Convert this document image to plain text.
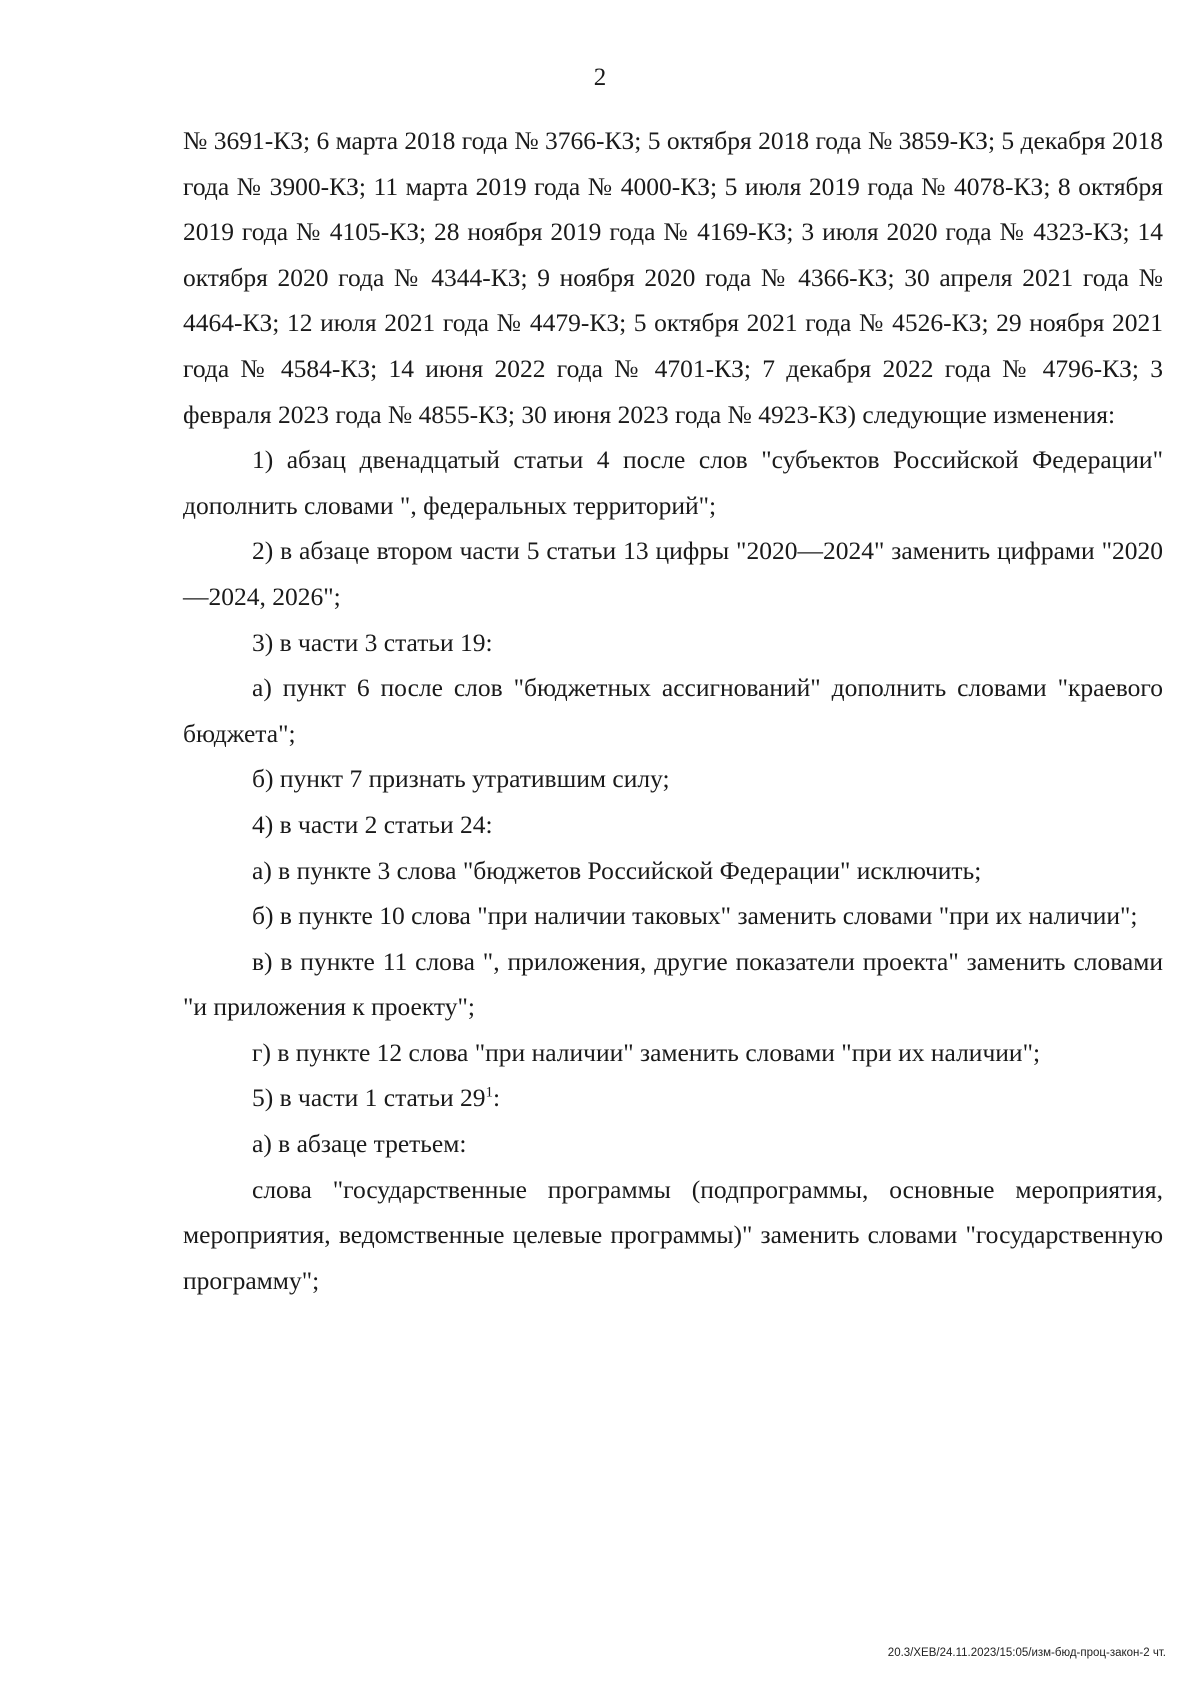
2

№ 3691-КЗ; 6 марта 2018 года № 3766-КЗ; 5 октября 2018 года № 3859-КЗ; 5 декабря 2018 года № 3900-КЗ; 11 марта 2019 года № 4000-КЗ; 5 июля 2019 года № 4078-КЗ; 8 октября 2019 года № 4105-КЗ; 28 ноября 2019 года № 4169-КЗ; 3 июля 2020 года № 4323-КЗ; 14 октября 2020 года № 4344-КЗ; 9 ноября 2020 года № 4366-КЗ; 30 апреля 2021 года № 4464-КЗ; 12 июля 2021 года № 4479-КЗ; 5 октября 2021 года № 4526-КЗ; 29 ноября 2021 года № 4584-КЗ; 14 июня 2022 года № 4701-КЗ; 7 декабря 2022 года № 4796-КЗ; 3 февраля 2023 года № 4855-КЗ; 30 июня 2023 года № 4923-КЗ) следующие изменения:

1) абзац двенадцатый статьи 4 после слов "субъектов Российской Федерации" дополнить словами ", федеральных территорий";

2) в абзаце втором части 5 статьи 13 цифры "2020—2024" заменить цифрами "2020—2024, 2026";

3) в части 3 статьи 19:

а) пункт 6 после слов "бюджетных ассигнований" дополнить словами "краевого бюджета";

б) пункт 7 признать утратившим силу;

4) в части 2 статьи 24:

а) в пункте 3 слова "бюджетов Российской Федерации" исключить;

б) в пункте 10 слова "при наличии таковых" заменить словами "при их наличии";

в) в пункте 11 слова ", приложения, другие показатели проекта" заменить словами "и приложения к проекту";

г) в пункте 12 слова "при наличии" заменить словами "при их наличии";

5) в части 1 статьи $29^1$:

а) в абзаце третьем:

слова "государственные программы (подпрограммы, основные мероприятия, мероприятия, ведомственные целевые программы)" заменить словами "государственную программу";

20.3/ХЕВ/24.11.2023/15:05/изм-бюд-проц-закон-2 чт.
